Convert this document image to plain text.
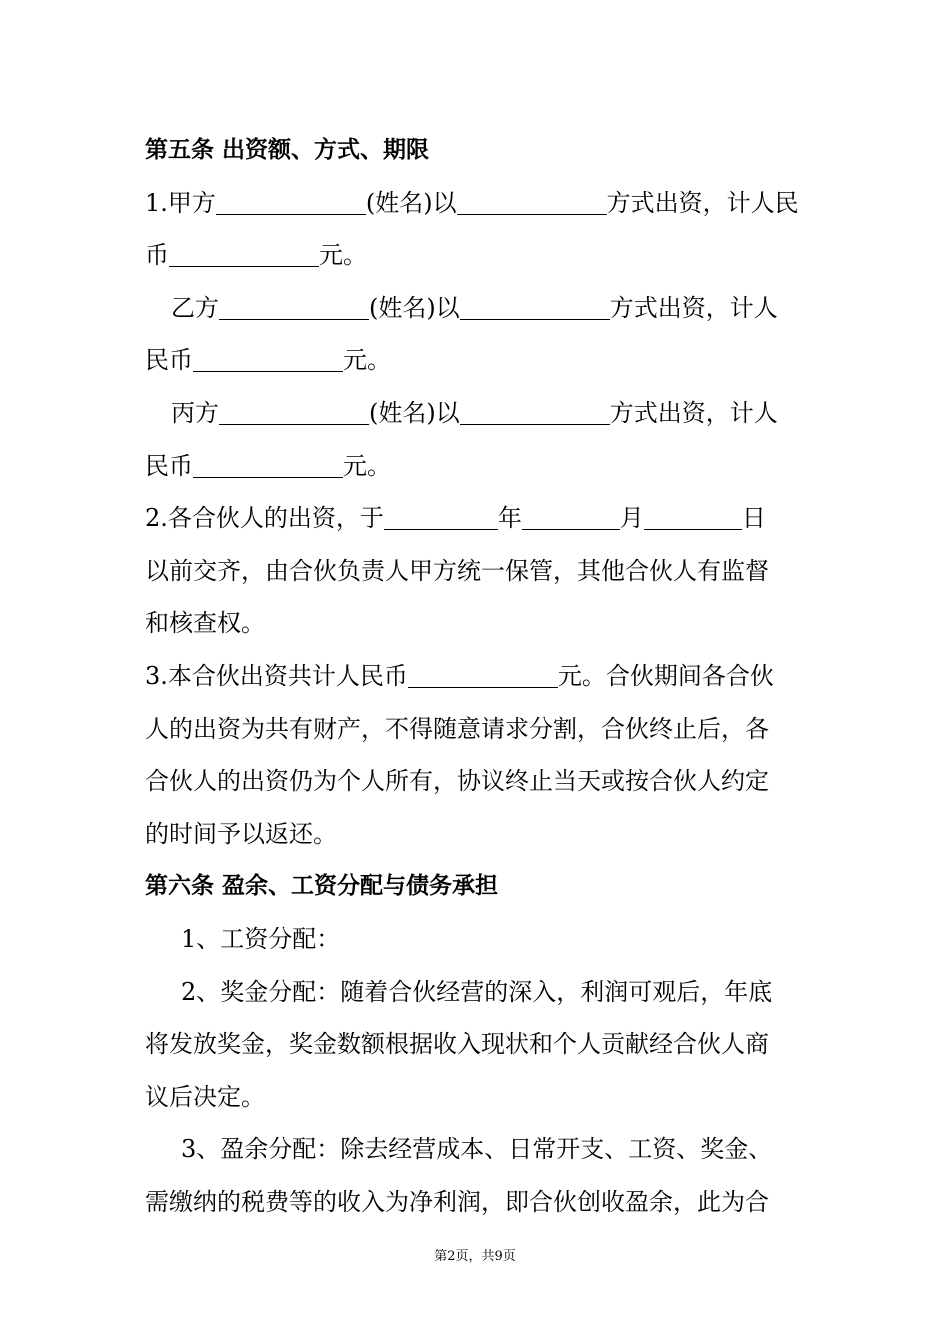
第五条 出资额、方式、期限
1.甲方	(姓名)以	方式出资，计人民
币	元。
乙方	(姓名)以	方式出资，计人
民币	元。
丙方	(姓名)以	方式出资，计人
民币	元。
2.各合伙人的出资，于	年	月	日
以前交齐，由合伙负责人甲方统一保管，其他合伙人有监督
和核查权。
3.本合伙出资共计人民币	元。合伙期间各合伙
人的出资为共有财产，不得随意请求分割，合伙终止后，各
合伙人的出资仍为个人所有，协议终止当天或按合伙人约定
的时间予以返还。
第六条 盈余、工资分配与债务承担
1、工资分配：
2、奖金分配：随着合伙经营的深入，利润可观后，年底
将发放奖金，奖金数额根据收入现状和个人贡献经合伙人商
议后决定。
3、盈余分配：除去经营成本、日常开支、工资、奖金、
需缴纳的税费等的收入为净利润，即合伙创收盈余，此为合
第2页，共9页
